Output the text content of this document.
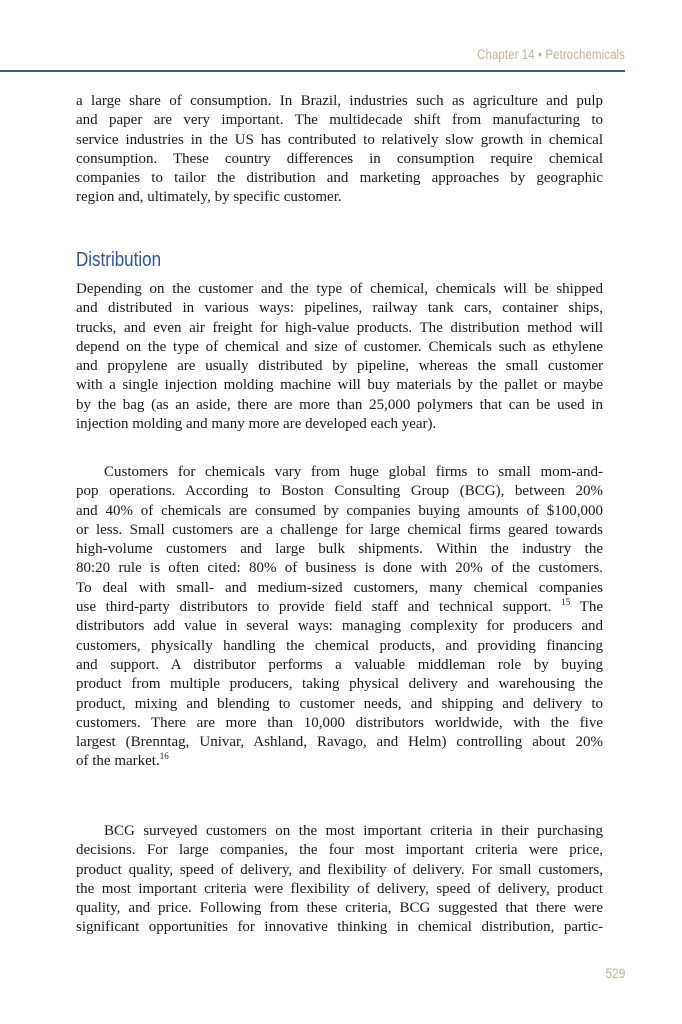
Chapter 14 • Petrochemicals
a large share of consumption. In Brazil, industries such as agriculture and pulp
and paper are very important. The multidecade shift from manufacturing to
service industries in the US has contributed to relatively slow growth in chemical
consumption. These country differences in consumption require chemical
companies to tailor the distribution and marketing approaches by geographic
region and, ultimately, by specific customer.
Distribution
Depending on the customer and the type of chemical, chemicals will be shipped
and distributed in various ways: pipelines, railway tank cars, container ships,
trucks, and even air freight for high-value products. The distribution method will
depend on the type of chemical and size of customer. Chemicals such as ethylene
and propylene are usually distributed by pipeline, whereas the small customer
with a single injection molding machine will buy materials by the pallet or maybe
by the bag (as an aside, there are more than 25,000 polymers that can be used in
injection molding and many more are developed each year).
Customers for chemicals vary from huge global firms to small mom-and-
pop operations. According to Boston Consulting Group (BCG), between 20%
and 40% of chemicals are consumed by companies buying amounts of $100,000
or less. Small customers are a challenge for large chemical firms geared towards
high-volume customers and large bulk shipments. Within the industry the
80:20 rule is often cited: 80% of business is done with 20% of the customers.
To deal with small- and medium-sized customers, many chemical companies
use third-party distributors to provide field staff and technical support. $^{15}$ The
distributors add value in several ways: managing complexity for producers and
customers, physically handling the chemical products, and providing financing
and support. A distributor performs a valuable middleman role by buying
product from multiple producers, taking physical delivery and warehousing the
product, mixing and blending to customer needs, and shipping and delivery to
customers. There are more than 10,000 distributors worldwide, with the five
largest (Brenntag, Univar, Ashland, Ravago, and Helm) controlling about 20%
of the market.$^{16}$
BCG surveyed customers on the most important criteria in their purchasing
decisions. For large companies, the four most important criteria were price,
product quality, speed of delivery, and flexibility of delivery. For small customers,
the most important criteria were flexibility of delivery, speed of delivery, product
quality, and price. Following from these criteria, BCG suggested that there were
significant opportunities for innovative thinking in chemical distribution, partic-
529
